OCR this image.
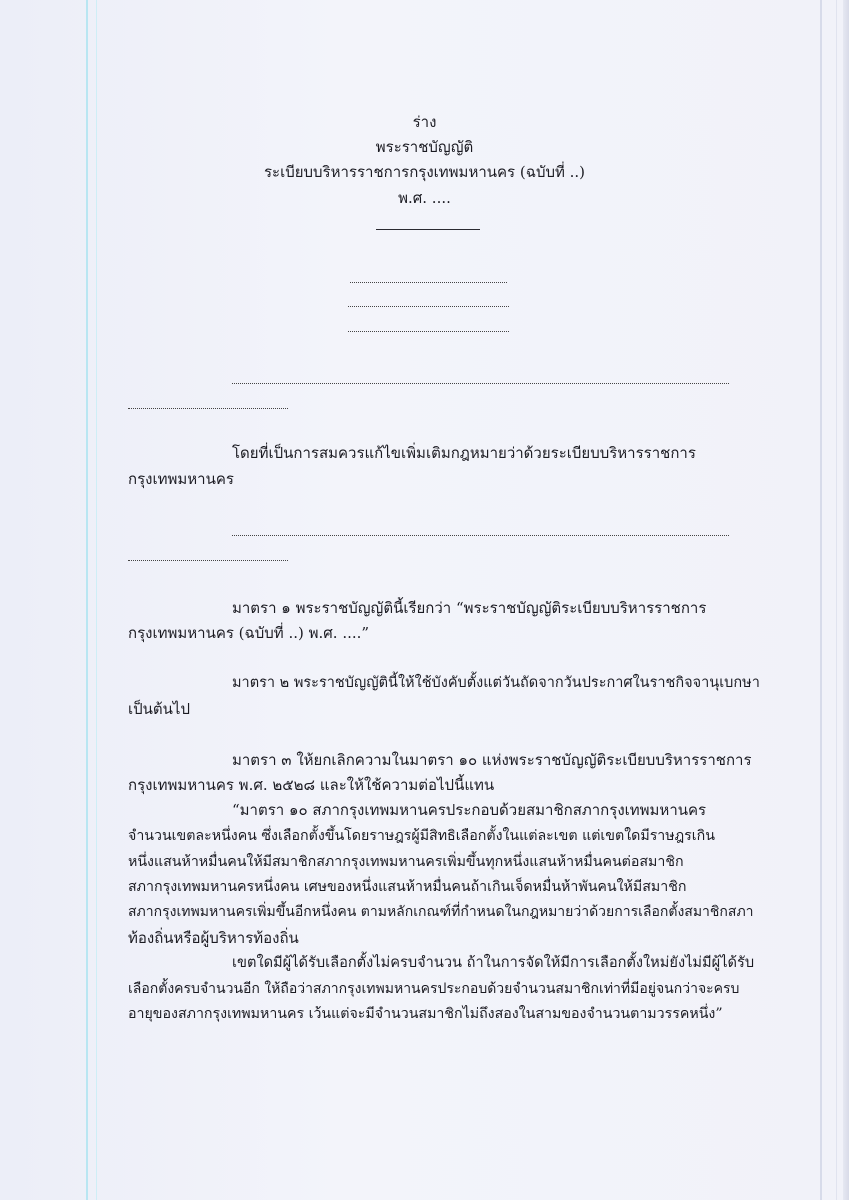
ร่าง
พระราชบัญญัติ
ระเบียบบริหารราชการกรุงเทพมหานคร (ฉบับที่ ..)
พ.ศ. ....
โดยที่เป็นการสมควรแก้ไขเพิ่มเติมกฎหมายว่าด้วยระเบียบบริหารราชการ
กรุงเทพมหานคร
มาตรา ๑ พระราชบัญญัตินี้เรียกว่า “พระราชบัญญัติระเบียบบริหารราชการ
กรุงเทพมหานคร (ฉบับที่ ..) พ.ศ. ....”
มาตรา ๒ พระราชบัญญัตินี้ให้ใช้บังคับตั้งแต่วันถัดจากวันประกาศในราชกิจจานุเบกษา
เป็นต้นไป
มาตรา ๓ ให้ยกเลิกความในมาตรา ๑๐ แห่งพระราชบัญญัติระเบียบบริหารราชการ
กรุงเทพมหานคร พ.ศ. ๒๕๒๘ และให้ใช้ความต่อไปนี้แทน
“มาตรา ๑๐ สภากรุงเทพมหานครประกอบด้วยสมาชิกสภากรุงเทพมหานคร
จำนวนเขตละหนึ่งคน ซึ่งเลือกตั้งขึ้นโดยราษฎรผู้มีสิทธิเลือกตั้งในแต่ละเขต แต่เขตใดมีราษฎรเกิน
หนึ่งแสนห้าหมื่นคนให้มีสมาชิกสภากรุงเทพมหานครเพิ่มขึ้นทุกหนึ่งแสนห้าหมื่นคนต่อสมาชิก
สภากรุงเทพมหานครหนึ่งคน เศษของหนึ่งแสนห้าหมื่นคนถ้าเกินเจ็ดหมื่นห้าพันคนให้มีสมาชิก
สภากรุงเทพมหานครเพิ่มขึ้นอีกหนึ่งคน ตามหลักเกณฑ์ที่กำหนดในกฎหมายว่าด้วยการเลือกตั้งสมาชิกสภา
ท้องถิ่นหรือผู้บริหารท้องถิ่น
เขตใดมีผู้ได้รับเลือกตั้งไม่ครบจำนวน ถ้าในการจัดให้มีการเลือกตั้งใหม่ยังไม่มีผู้ได้รับ
เลือกตั้งครบจำนวนอีก ให้ถือว่าสภากรุงเทพมหานครประกอบด้วยจำนวนสมาชิกเท่าที่มีอยู่จนกว่าจะครบ
อายุของสภากรุงเทพมหานคร เว้นแต่จะมีจำนวนสมาชิกไม่ถึงสองในสามของจำนวนตามวรรคหนึ่ง”
